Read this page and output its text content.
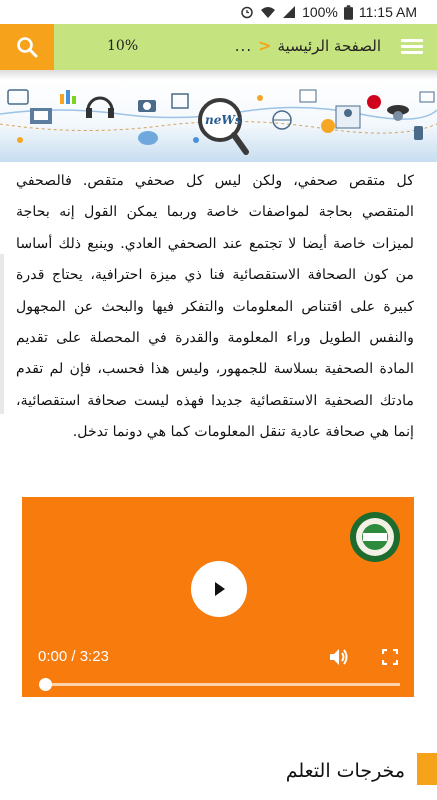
100% 11:15 AM
10%	الصفحة الرئيسية
<
...
neWs
كل متقص صحفي، ولكن ليس كل صحفي متقص. فالصحفي المتقصي بحاجة لمواصفات خاصة وربما يمكن القول إنه بحاجة لميزات خاصة أيضا لا تجتمع عند الصحفي العادي. وينبع ذلك أساسا من كون الصحافة الاستقصائية فنا ذي ميزة احترافية، يحتاج قدرة كبيرة على اقتناص المعلومات والتفكر فيها والبحث عن المجهول والنفس الطويل وراء المعلومة والقدرة في المحصلة على تقديم المادة الصحفية بسلاسة للجمهور، وليس هذا فحسب، فإن لم تقدم مادتك الصحفية الاستقصائية جديدا فهذه ليست صحافة استقصائية، إنما هي صحافة عادية تنقل المعلومات كما هي دونما تدخل.
0:00 / 3:23
مخرجات التعلم
